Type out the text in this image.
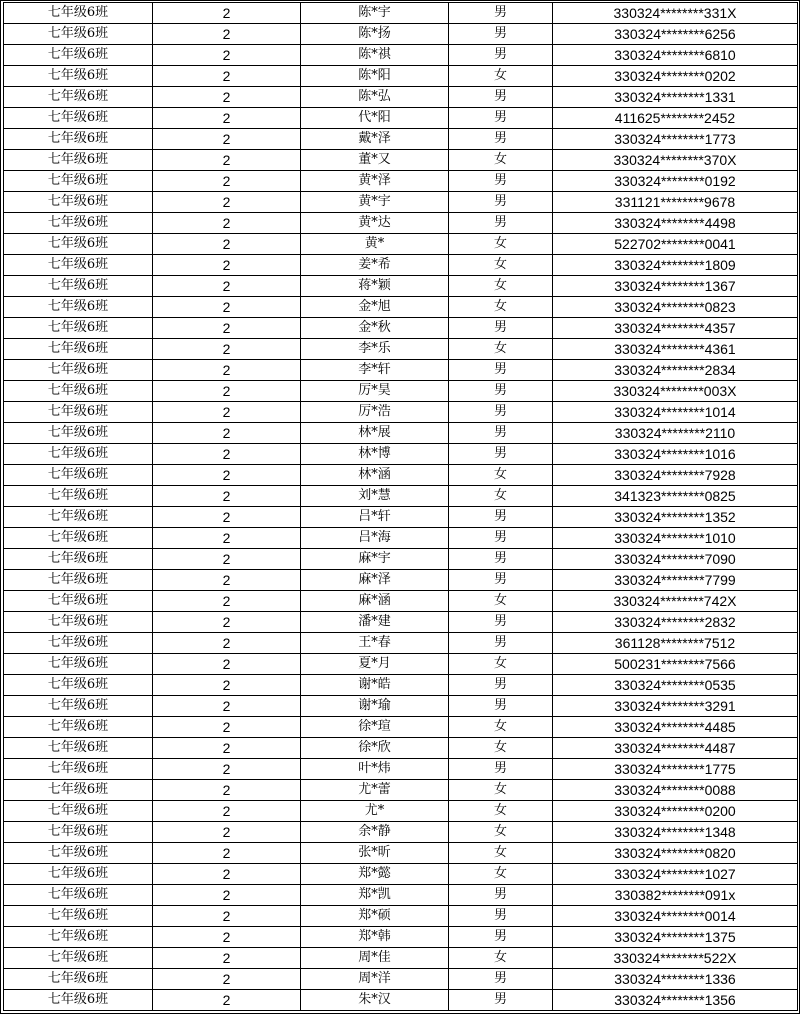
七年级6班	2	陈*宇	男	330324********331X
七年级6班	2	陈*扬	男	330324********6256
七年级6班	2	陈*祺	男	330324********6810
七年级6班	2	陈*阳	女	330324********0202
七年级6班	2	陈*弘	男	330324********1331
七年级6班	2	代*阳	男	411625********2452
七年级6班	2	戴*泽	男	330324********1773
七年级6班	2	董*又	女	330324********370X
七年级6班	2	黄*泽	男	330324********0192
七年级6班	2	黄*宇	男	331121********9678
七年级6班	2	黄*达	男	330324********4498
七年级6班	2	黄*	女	522702********0041
七年级6班	2	姜*希	女	330324********1809
七年级6班	2	蒋*颖	女	330324********1367
七年级6班	2	金*旭	女	330324********0823
七年级6班	2	金*秋	男	330324********4357
七年级6班	2	李*乐	女	330324********4361
七年级6班	2	李*轩	男	330324********2834
七年级6班	2	厉*昊	男	330324********003X
七年级6班	2	厉*浩	男	330324********1014
七年级6班	2	林*展	男	330324********2110
七年级6班	2	林*博	男	330324********1016
七年级6班	2	林*涵	女	330324********7928
七年级6班	2	刘*慧	女	341323********0825
七年级6班	2	吕*轩	男	330324********1352
七年级6班	2	吕*海	男	330324********1010
七年级6班	2	麻*宇	男	330324********7090
七年级6班	2	麻*泽	男	330324********7799
七年级6班	2	麻*涵	女	330324********742X
七年级6班	2	潘*建	男	330324********2832
七年级6班	2	王*春	男	361128********7512
七年级6班	2	夏*月	女	500231********7566
七年级6班	2	谢*皓	男	330324********0535
七年级6班	2	谢*瑜	男	330324********3291
七年级6班	2	徐*瑄	女	330324********4485
七年级6班	2	徐*欣	女	330324********4487
七年级6班	2	叶*炜	男	330324********1775
七年级6班	2	尤*蕾	女	330324********0088
七年级6班	2	尤*	女	330324********0200
七年级6班	2	余*静	女	330324********1348
七年级6班	2	张*昕	女	330324********0820
七年级6班	2	郑*懿	女	330324********1027
七年级6班	2	郑*凯	男	330382********091x
七年级6班	2	郑*硕	男	330324********0014
七年级6班	2	郑*韩	男	330324********1375
七年级6班	2	周*佳	女	330324********522X
七年级6班	2	周*洋	男	330324********1336
七年级6班	2	朱*汉	男	330324********1356
